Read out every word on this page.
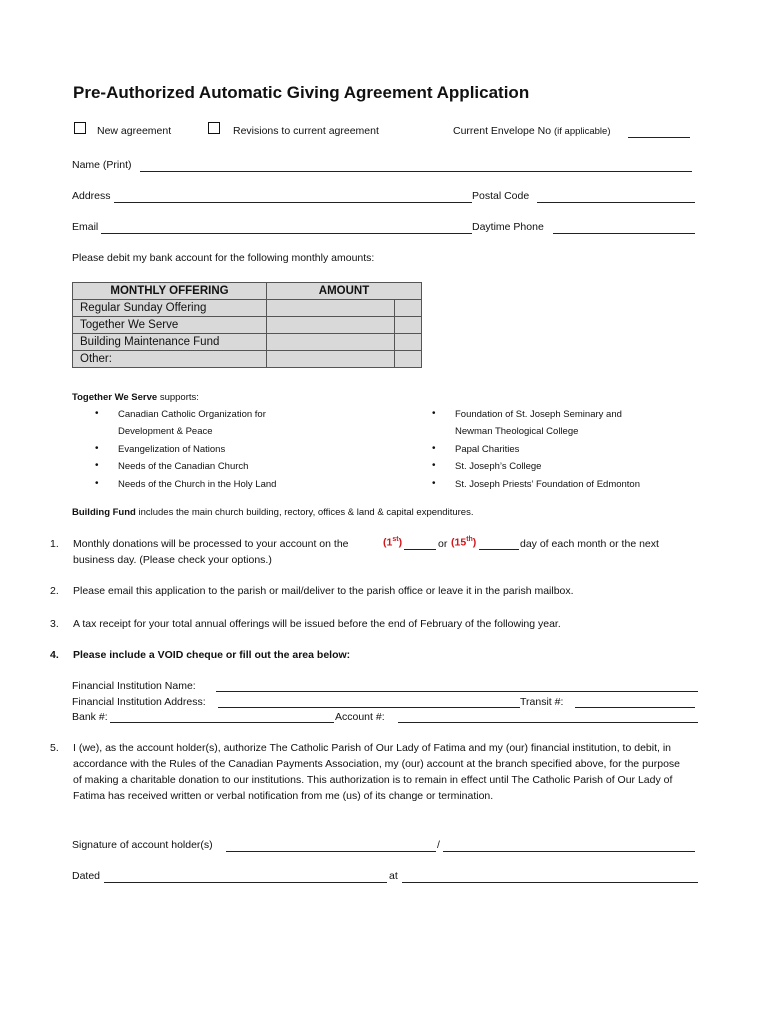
Pre-Authorized Automatic Giving Agreement Application
New agreement	Revisions to current agreement	Current Envelope No (if applicable)
Name (Print)
Address	Postal Code
Email	Daytime Phone
Please debit my bank account for the following monthly amounts:
MONTHLY OFFERING	AMOUNT	
Regular Sunday Offering		
Together We Serve		
Building Maintenance Fund		
Other:		
Together We Serve supports:
• Canadian Catholic Organization for
Development & Peace
• Evangelization of Nations
• Needs of the Canadian Church
• Needs of the Church in the Holy Land
• Foundation of St. Joseph Seminary and
Newman Theological College
• Papal Charities
• St. Joseph’s College
• St. Joseph Priests’ Foundation of Edmonton
Building Fund includes the main church building, rectory, offices & land & capital expenditures.
1. Monthly donations will be processed to your account on the	(1st)	or (15th)	day of each month or the next
business day. (Please check your options.)
2. Please email this application to the parish or mail/deliver to the parish office or leave it in the parish mailbox.
3. A tax receipt for your total annual offerings will be issued before the end of February of the following year.
4. Please include a VOID cheque or fill out the area below:
Financial Institution Name:
Financial Institution Address:	Transit #:
Bank #:	Account #:
5. I (we), as the account holder(s), authorize The Catholic Parish of Our Lady of Fatima and my (our) financial institution, to debit, in accordance with the Rules of the Canadian Payments Association, my (our) account at the branch specified above, for the purpose of making a charitable donation to our institutions. This authorization is to remain in effect until The Catholic Parish of Our Lady of Fatima has received written or verbal notification from me (us) of its change or termination.
Signature of account holder(s)	/
Dated	at
